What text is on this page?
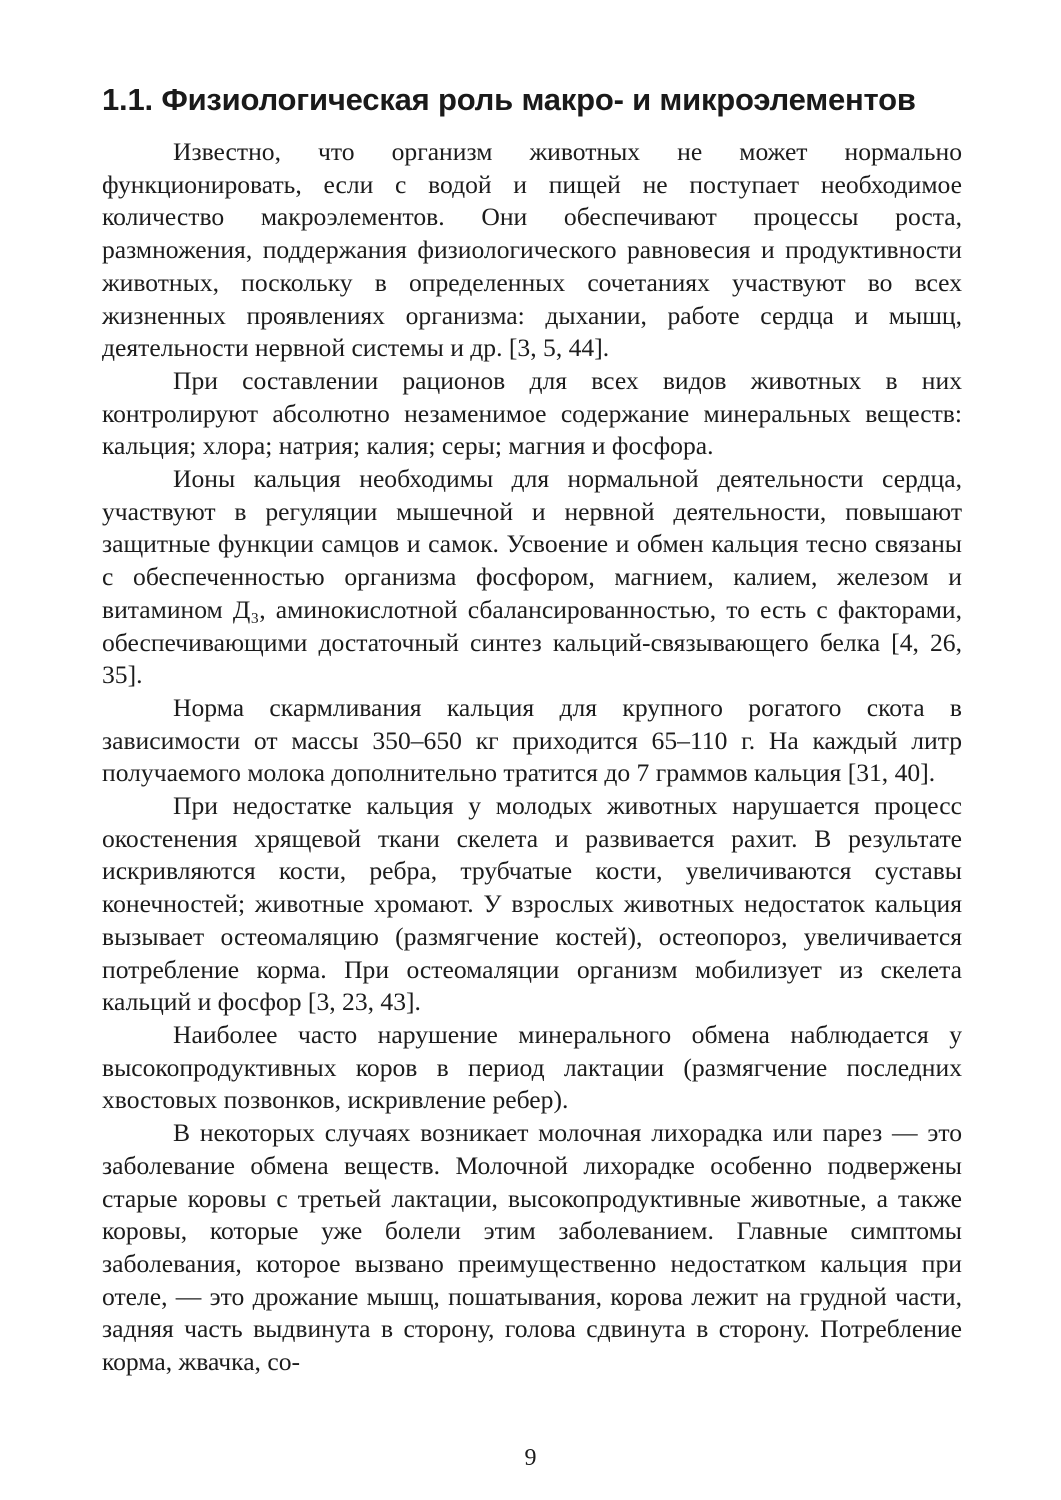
1.1. Физиологическая роль макро- и микроэлементов

Известно, что организм животных не может нормально функционировать, если с водой и пищей не поступает необходимое количество макроэлементов. Они обеспечивают процессы роста, размножения, поддержания физиологического равновесия и продуктивности животных, поскольку в определенных сочетаниях участвуют во всех жизненных проявлениях организма: дыхании, работе сердца и мышц, деятельности нервной системы и др. [3, 5, 44].

При составлении рационов для всех видов животных в них контролируют абсолютно незаменимое содержание минеральных веществ: кальция; хлора; натрия; калия; серы; магния и фосфора.

Ионы кальция необходимы для нормальной деятельности сердца, участвуют в регуляции мышечной и нервной деятельности, повышают защитные функции самцов и самок. Усвоение и обмен кальция тесно связаны с обеспеченностью организма фосфором, магнием, калием, железом и витамином Д₃, аминокислотной сбалансированностью, то есть с факторами, обеспечивающими достаточный синтез кальций-связывающего белка [4, 26, 35].

Норма скармливания кальция для крупного рогатого скота в зависимости от массы 350–650 кг приходится 65–110 г. На каждый литр получаемого молока дополнительно тратится до 7 граммов кальция [31, 40].

При недостатке кальция у молодых животных нарушается процесс окостенения хрящевой ткани скелета и развивается рахит. В результате искривляются кости, ребра, трубчатые кости, увеличиваются суставы конечностей; животные хромают. У взрослых животных недостаток кальция вызывает остеомаляцию (размягчение костей), остеопороз, увеличивается потребление корма. При остеомаляции организм мобилизует из скелета кальций и фосфор [3, 23, 43].

Наиболее часто нарушение минерального обмена наблюдается у высокопродуктивных коров в период лактации (размягчение последних хвостовых позвонков, искривление ребер).

В некоторых случаях возникает молочная лихорадка или парез — это заболевание обмена веществ. Молочной лихорадке особенно подвержены старые коровы с третьей лактации, высокопродуктивные животные, а также коровы, которые уже болели этим заболеванием. Главные симптомы заболевания, которое вызвано преимущественно недостатком кальция при отеле, — это дрожание мышц, пошатывания, корова лежит на грудной части, задняя часть выдвинута в сторону, голова сдвинута в сторону. Потребление корма, жвачка, со-

9
